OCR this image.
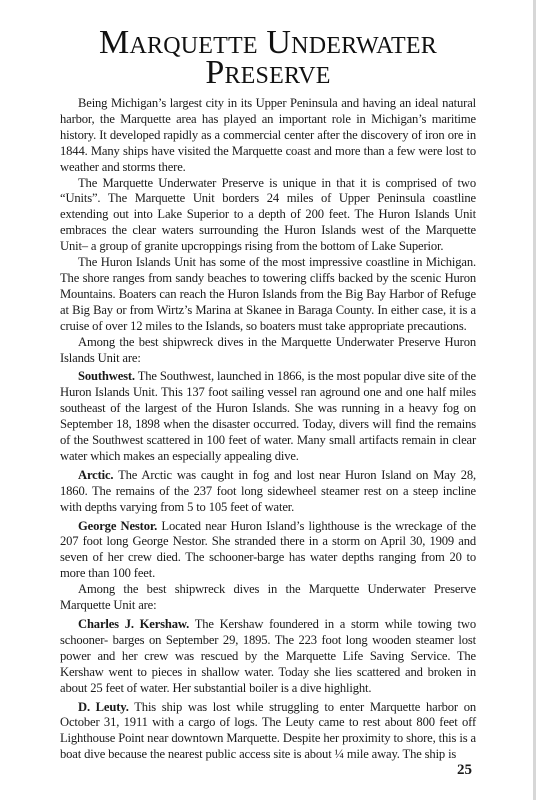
Marquette Underwater
Preserve

Being Michigan’s largest city in its Upper Peninsula and having an ideal natural harbor, the Marquette area has played an important role in Michigan’s maritime history. It developed rapidly as a commercial center after the discovery of iron ore in 1844. Many ships have visited the Marquette coast and more than a few were lost to weather and storms there.

The Marquette Underwater Preserve is unique in that it is comprised of two “Units”. The Marquette Unit borders 24 miles of Upper Peninsula coastline extending out into Lake Superior to a depth of 200 feet. The Huron Islands Unit embraces the clear waters surrounding the Huron Islands west of the Marquette Unit– a group of granite upcroppings rising from the bottom of Lake Superior.

The Huron Islands Unit has some of the most impressive coastline in Michigan. The shore ranges from sandy beaches to towering cliffs backed by the scenic Huron Mountains. Boaters can reach the Huron Islands from the Big Bay Harbor of Refuge at Big Bay or from Wirtz’s Marina at Skanee in Baraga County. In either case, it is a cruise of over 12 miles to the Islands, so boaters must take appropriate precautions.

Among the best shipwreck dives in the Marquette Underwater Preserve Huron Islands Unit are:

Southwest. The Southwest, launched in 1866, is the most popular dive site of the Huron Islands Unit. This 137 foot sailing vessel ran aground one and one half miles southeast of the largest of the Huron Islands. She was running in a heavy fog on September 18, 1898 when the disaster occurred. Today, divers will find the remains of the Southwest scattered in 100 feet of water. Many small artifacts remain in clear water which makes an especially appealing dive.

Arctic. The Arctic was caught in fog and lost near Huron Island on May 28, 1860. The remains of the 237 foot long sidewheel steamer rest on a steep incline with depths varying from 5 to 105 feet of water.

George Nestor. Located near Huron Island’s lighthouse is the wreckage of the 207 foot long George Nestor. She stranded there in a storm on April 30, 1909 and seven of her crew died. The schooner-barge has water depths ranging from 20 to more than 100 feet.

Among the best shipwreck dives in the Marquette Underwater Preserve Marquette Unit are:

Charles J. Kershaw. The Kershaw foundered in a storm while towing two schooner- barges on September 29, 1895. The 223 foot long wooden steamer lost power and her crew was rescued by the Marquette Life Saving Service. The Kershaw went to pieces in shallow water. Today she lies scattered and broken in about 25 feet of water. Her substantial boiler is a dive highlight.

D. Leuty. This ship was lost while struggling to enter Marquette harbor on October 31, 1911 with a cargo of logs. The Leuty came to rest about 800 feet off Lighthouse Point near downtown Marquette. Despite her proximity to shore, this is a boat dive because the nearest public access site is about ¼ mile away. The ship is

25
